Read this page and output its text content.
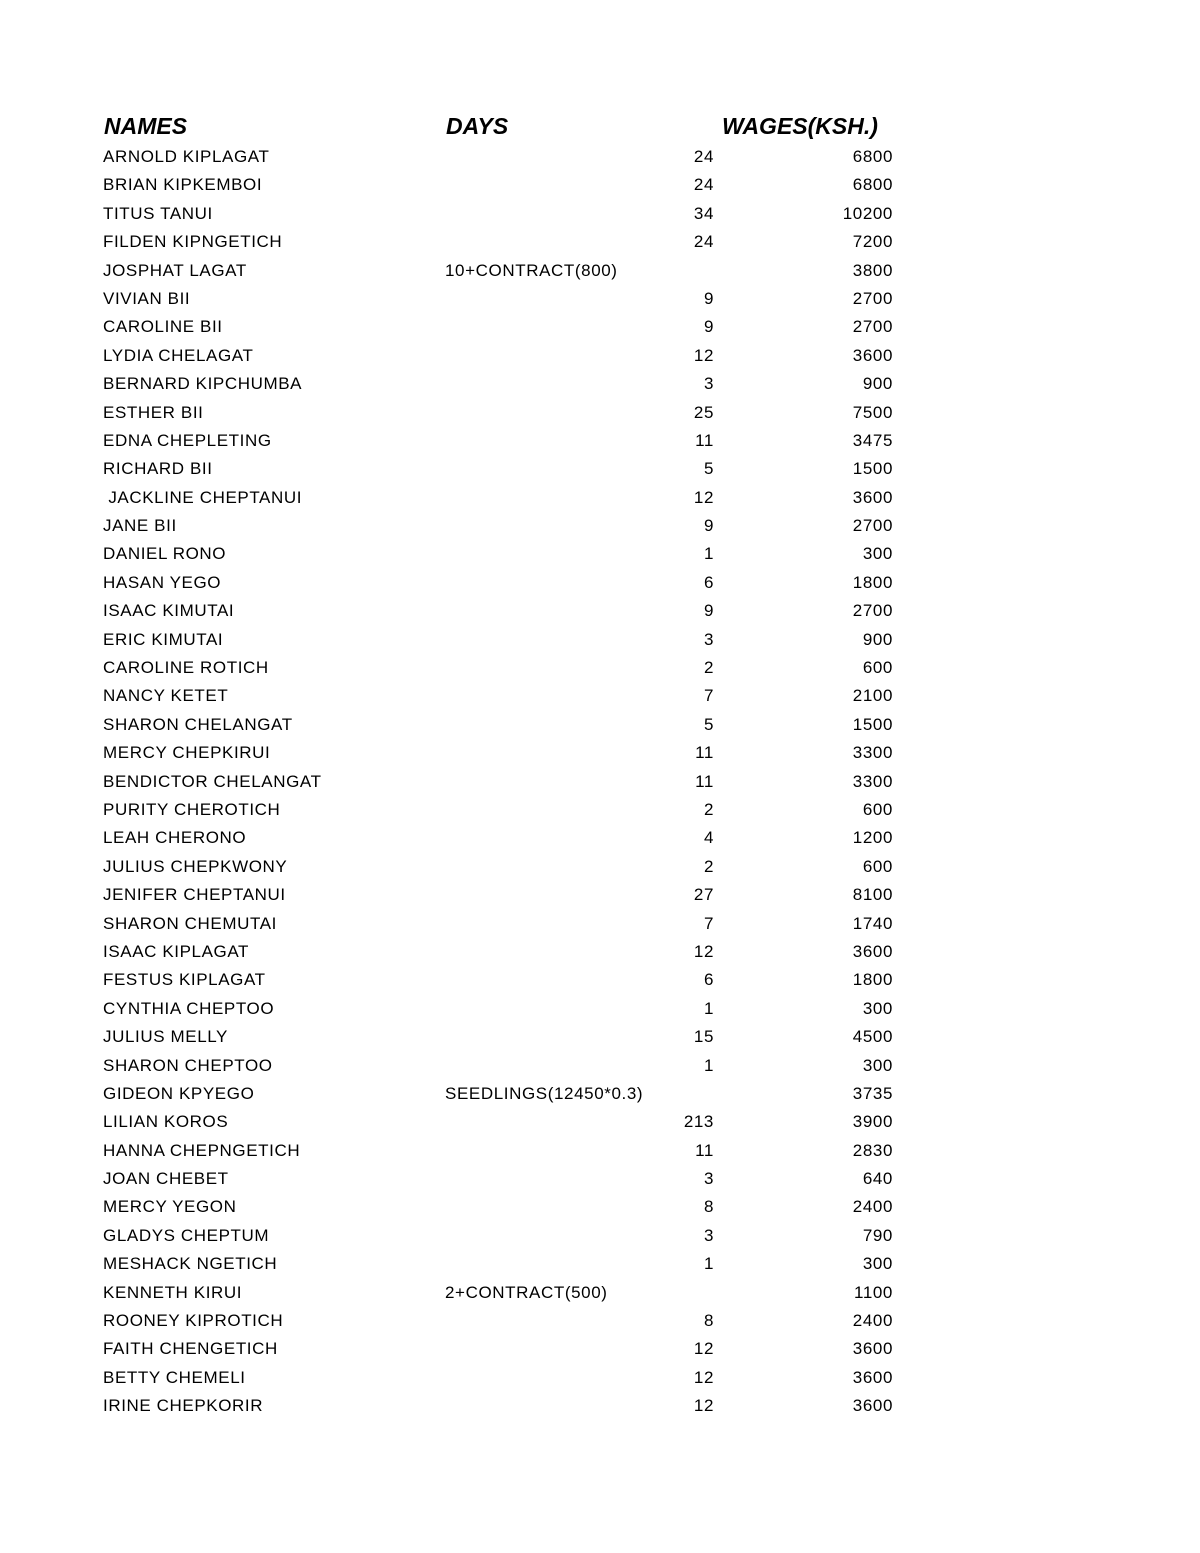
NAMES	DAYS	WAGES(KSH.)
ARNOLD KIPLAGAT	24	6800
BRIAN KIPKEMBOI	24	6800
TITUS TANUI	34	10200
FILDEN KIPNGETICH	24	7200
JOSPHAT LAGAT	10+CONTRACT(800)	3800
VIVIAN BII	9	2700
CAROLINE BII	9	2700
LYDIA CHELAGAT	12	3600
BERNARD KIPCHUMBA	3	900
ESTHER BII	25	7500
EDNA CHEPLETING	11	3475
RICHARD BII	5	1500
JACKLINE CHEPTANUI	12	3600
JANE BII	9	2700
DANIEL RONO	1	300
HASAN YEGO	6	1800
ISAAC KIMUTAI	9	2700
ERIC KIMUTAI	3	900
CAROLINE ROTICH	2	600
NANCY KETET	7	2100
SHARON CHELANGAT	5	1500
MERCY CHEPKIRUI	11	3300
BENDICTOR CHELANGAT	11	3300
PURITY CHEROTICH	2	600
LEAH CHERONO	4	1200
JULIUS CHEPKWONY	2	600
JENIFER CHEPTANUI	27	8100
SHARON CHEMUTAI	7	1740
ISAAC KIPLAGAT	12	3600
FESTUS KIPLAGAT	6	1800
CYNTHIA CHEPTOO	1	300
JULIUS MELLY	15	4500
SHARON CHEPTOO	1	300
GIDEON KPYEGO	SEEDLINGS(12450*0.3)	3735
LILIAN KOROS	213	3900
HANNA CHEPNGETICH	11	2830
JOAN CHEBET	3	640
MERCY YEGON	8	2400
GLADYS CHEPTUM	3	790
MESHACK NGETICH	1	300
KENNETH KIRUI	2+CONTRACT(500)	1100
ROONEY KIPROTICH	8	2400
FAITH CHENGETICH	12	3600
BETTY CHEMELI	12	3600
IRINE CHEPKORIR	12	3600
